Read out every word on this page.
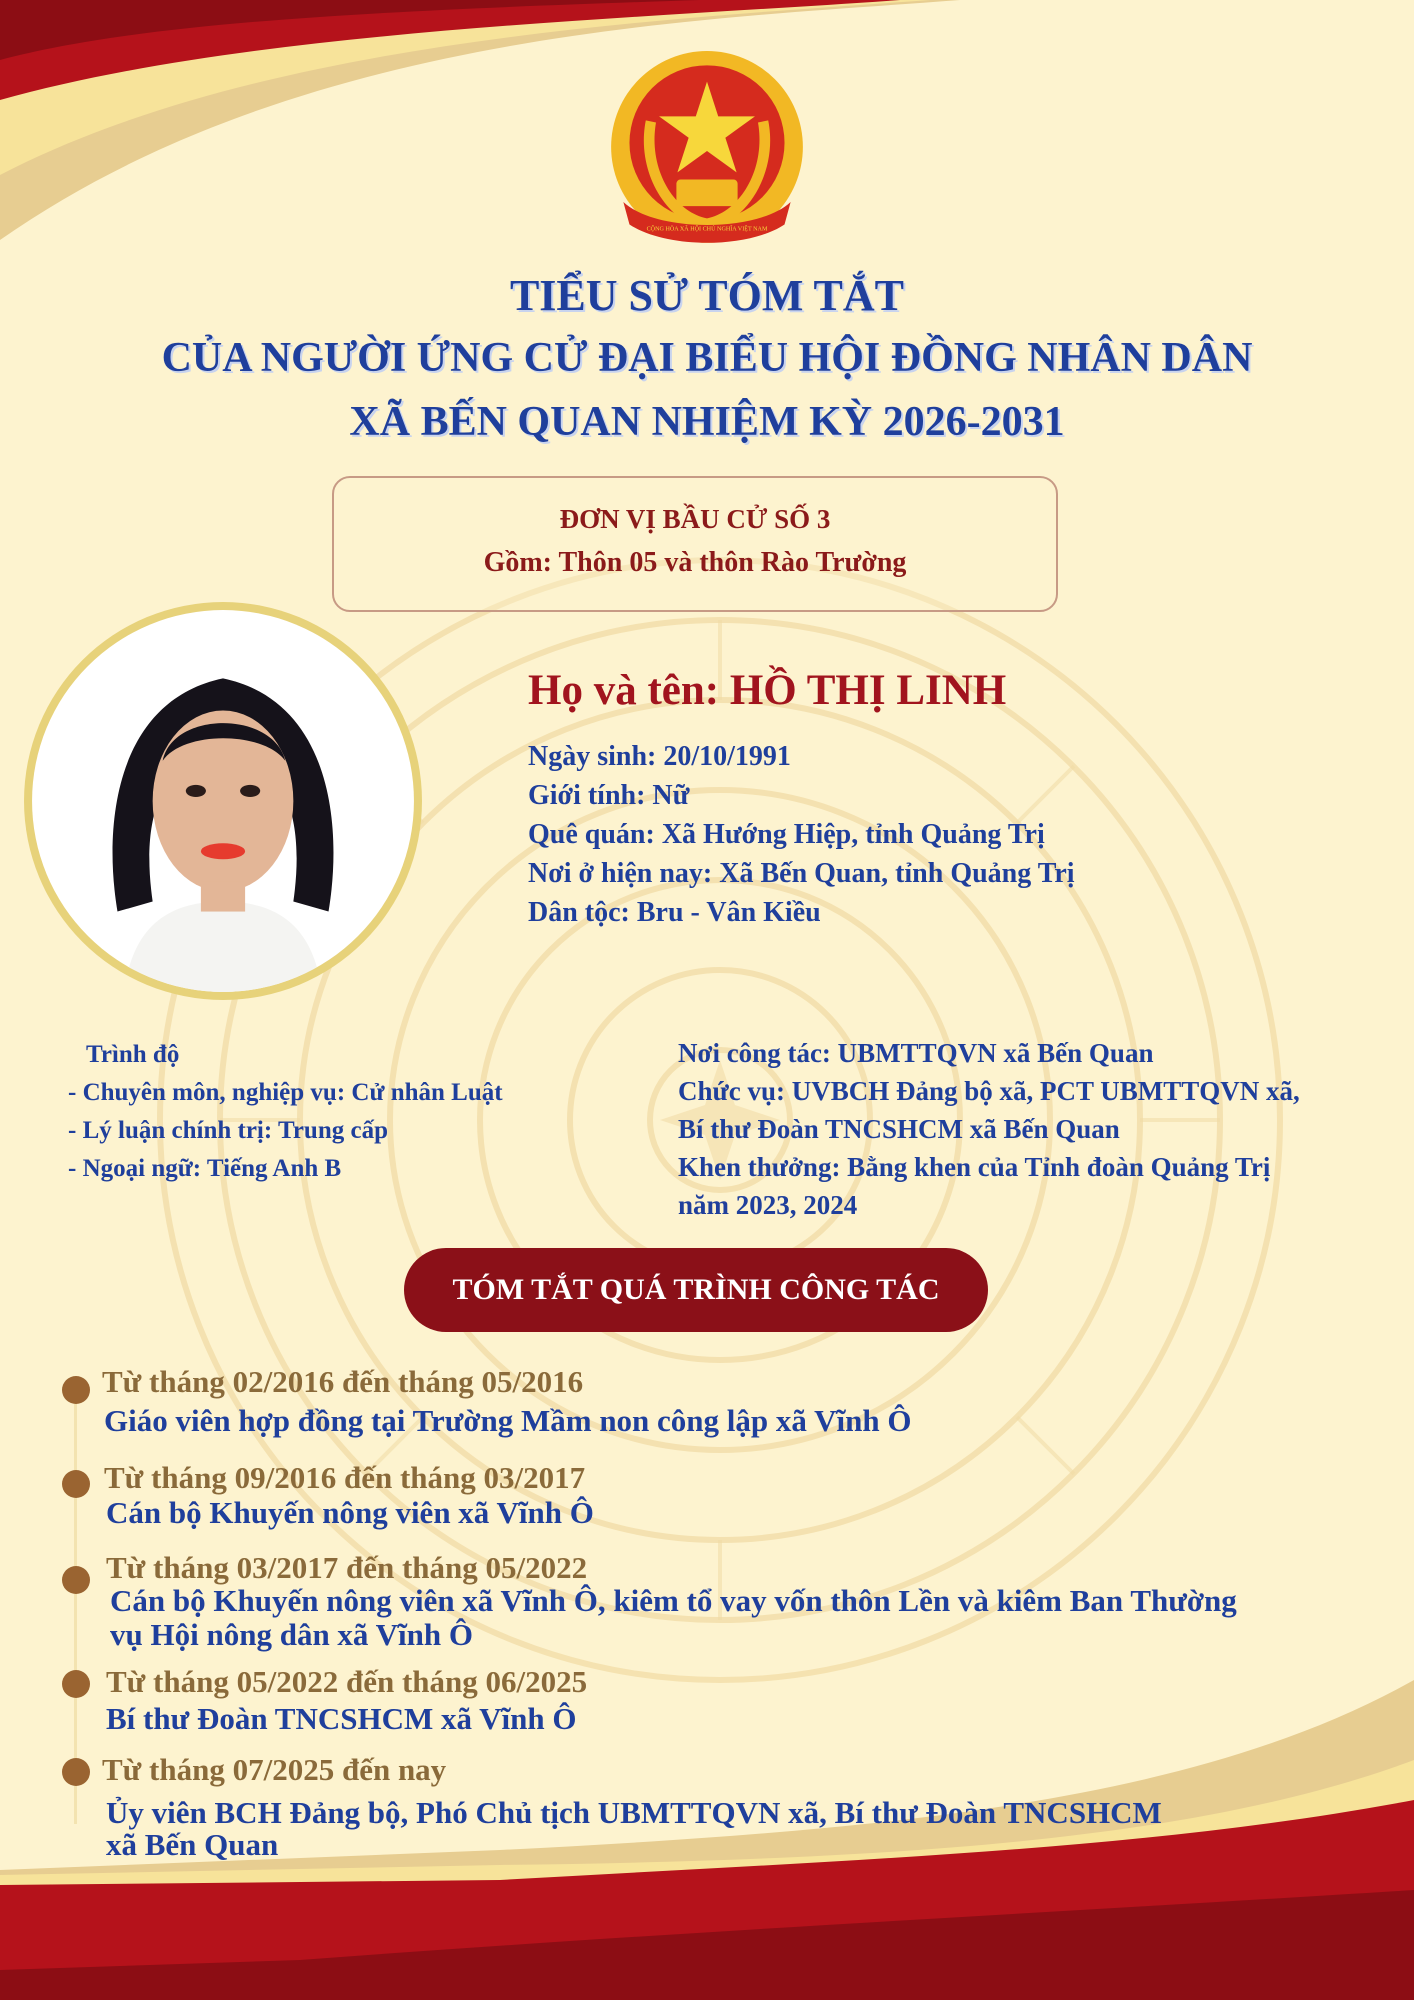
CỘNG HÒA XÃ HỘI CHỦ NGHĨA VIỆT NAM
TIỂU SỬ TÓM TẮT
CỦA NGƯỜI ỨNG CỬ ĐẠI BIỂU HỘI ĐỒNG NHÂN DÂN
XÃ BẾN QUAN NHIỆM KỲ 2026-2031
ĐƠN VỊ BẦU CỬ SỐ 3
Gồm: Thôn 05 và thôn Rào Trường
Họ và tên: HỒ THỊ LINH
Ngày sinh: 20/10/1991
Giới tính: Nữ
Quê quán: Xã Hướng Hiệp, tỉnh Quảng Trị
Nơi ở hiện nay: Xã Bến Quan, tỉnh Quảng Trị
Dân tộc: Bru - Vân Kiều
Trình độ
- Chuyên môn, nghiệp vụ: Cử nhân Luật
- Lý luận chính trị: Trung cấp
- Ngoại ngữ: Tiếng Anh B
Nơi công tác: UBMTTQVN xã Bến Quan
Chức vụ: UVBCH Đảng bộ xã, PCT UBMTTQVN xã,
Bí thư Đoàn TNCSHCM xã Bến Quan
Khen thưởng: Bằng khen của Tỉnh đoàn Quảng Trị
năm 2023, 2024
TÓM TẮT QUÁ TRÌNH CÔNG TÁC
Từ tháng 02/2016 đến tháng 05/2016
Giáo viên hợp đồng tại Trường Mầm non công lập xã Vĩnh Ô
Từ tháng 09/2016 đến tháng 03/2017
Cán bộ Khuyến nông viên xã Vĩnh Ô
Từ tháng 03/2017 đến tháng 05/2022
Cán bộ Khuyến nông viên xã Vĩnh Ô, kiêm tổ vay vốn thôn Lền và kiêm Ban Thường
vụ Hội nông dân xã Vĩnh Ô
Từ tháng 05/2022 đến tháng 06/2025
Bí thư Đoàn TNCSHCM xã Vĩnh Ô
Từ tháng 07/2025 đến nay
Ủy viên BCH Đảng bộ, Phó Chủ tịch UBMTTQVN xã, Bí thư Đoàn TNCSHCM
xã Bến Quan
